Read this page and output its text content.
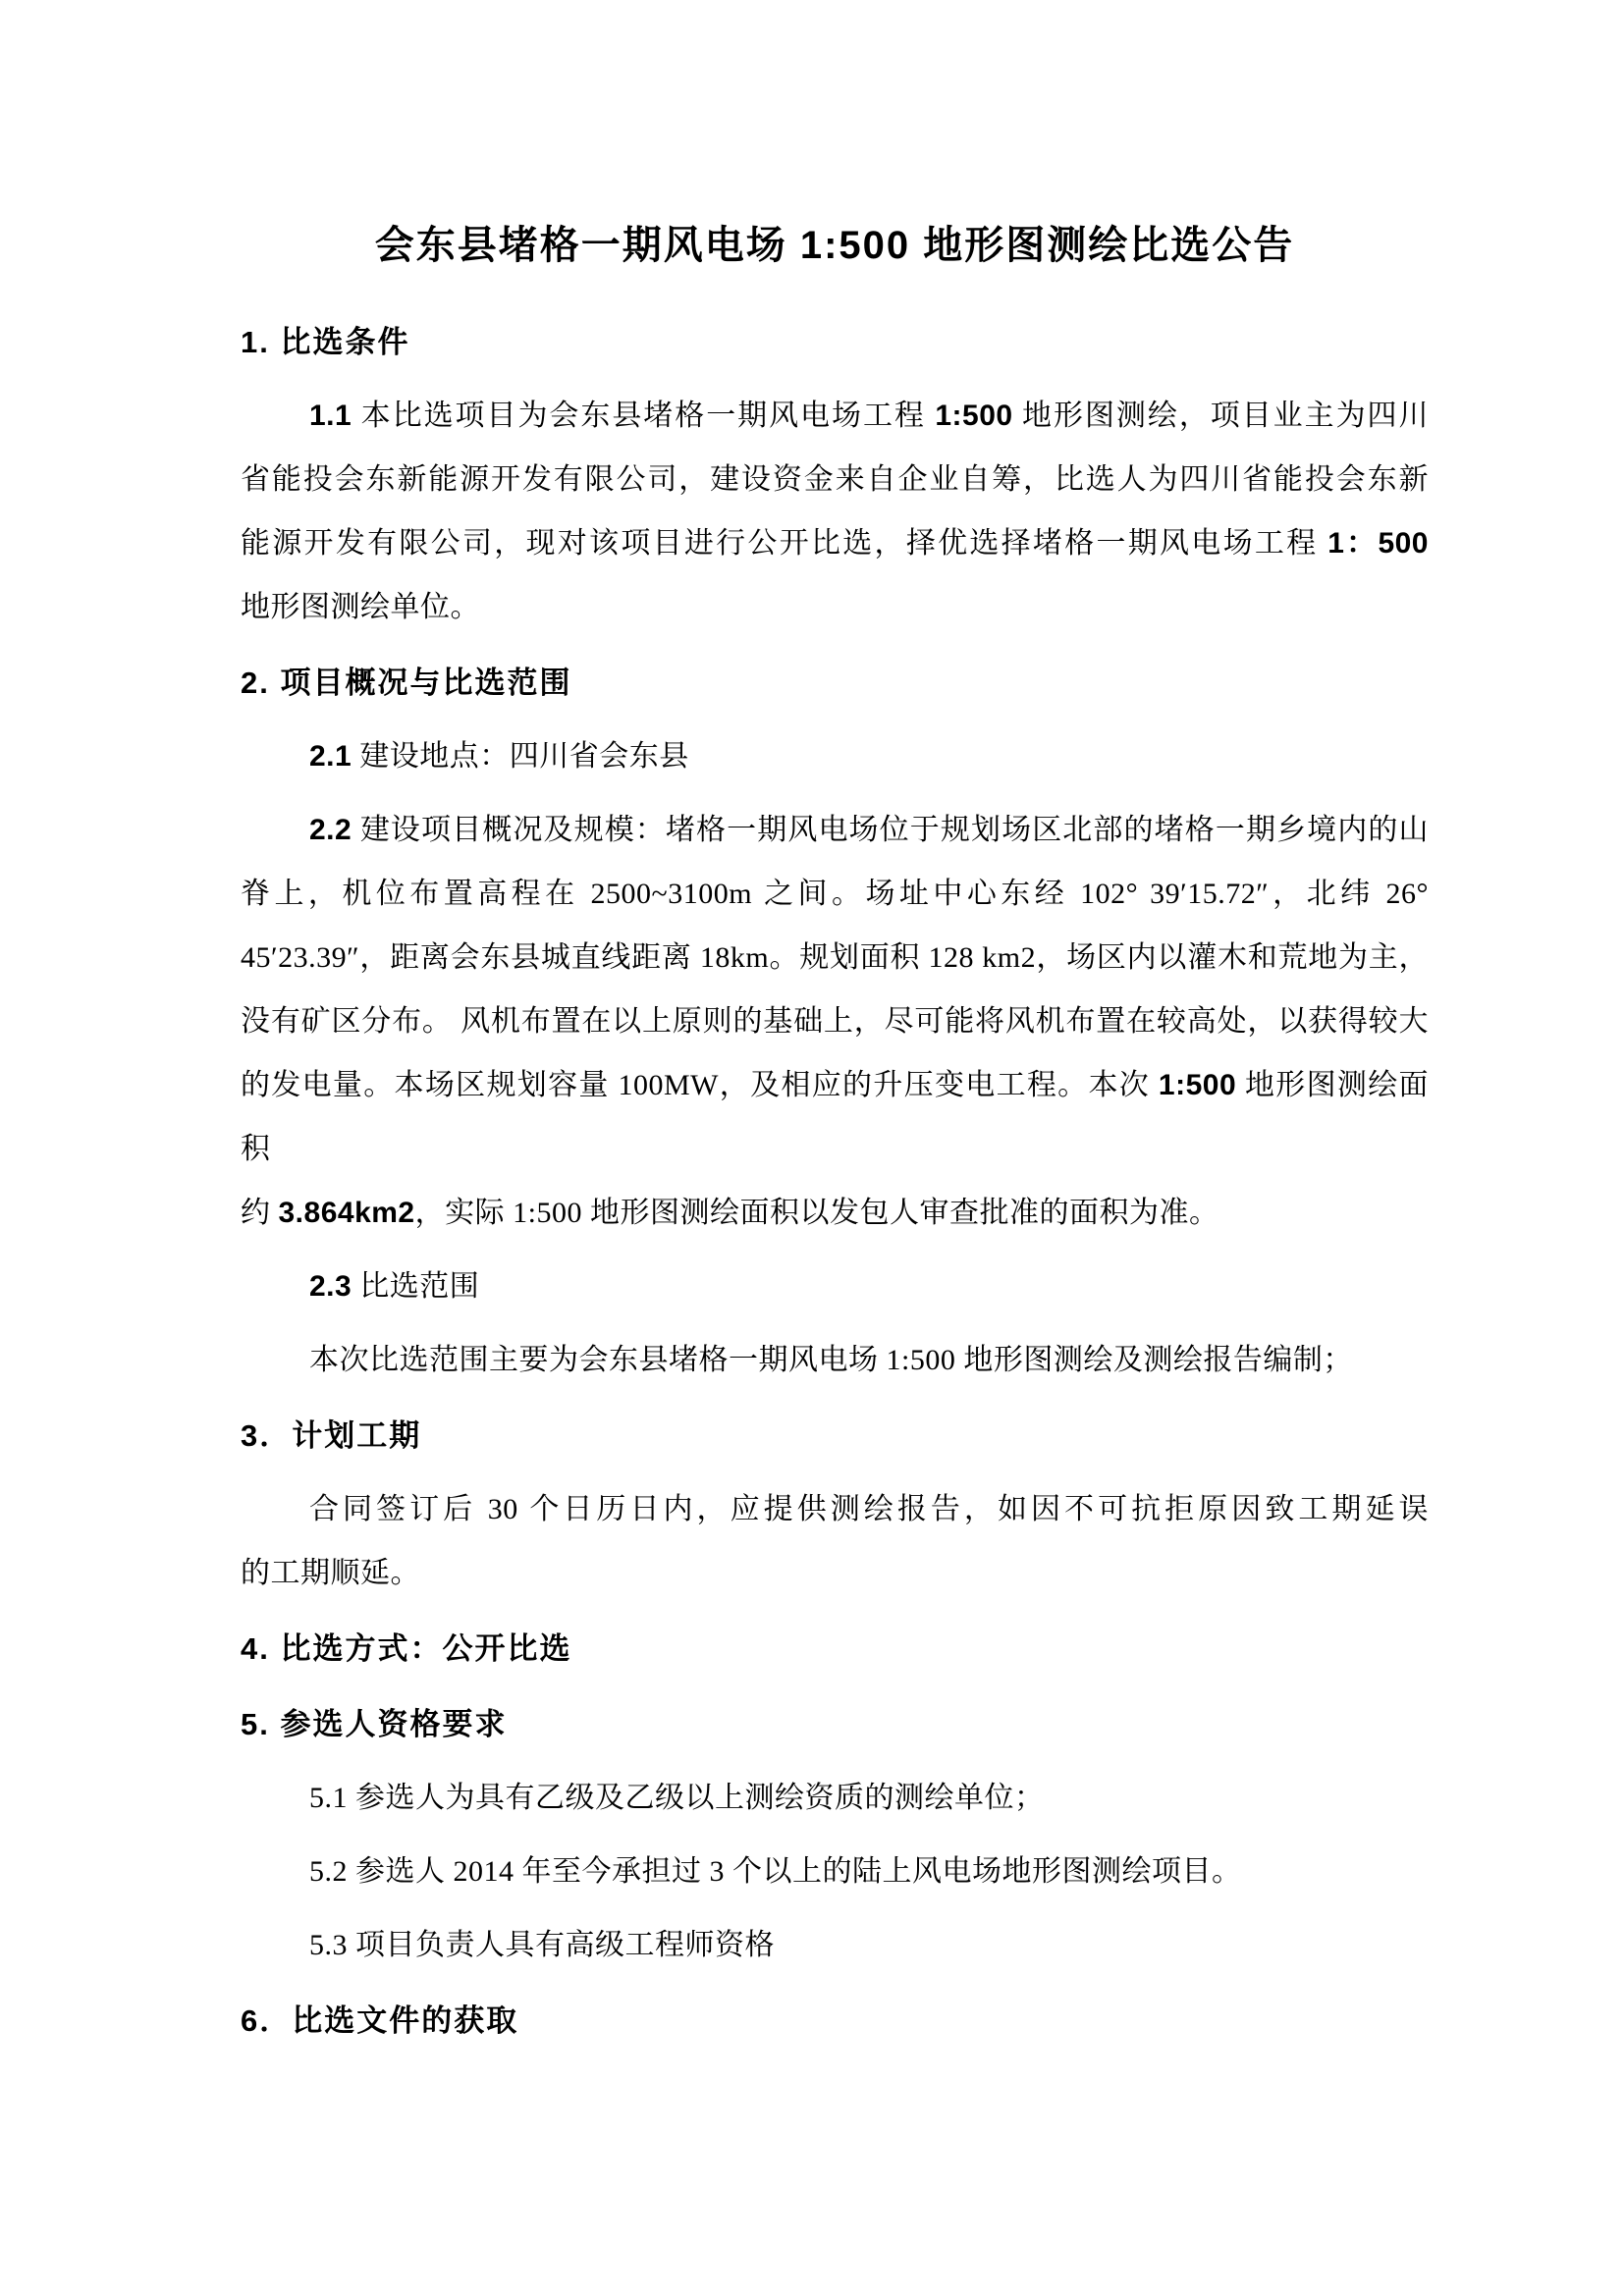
会东县堵格一期风电场 1:500 地形图测绘比选公告

1. 比选条件

1.1 本比选项目为会东县堵格一期风电场工程 1:500 地形图测绘，项目业主为四川

省能投会东新能源开发有限公司，建设资金来自企业自筹，比选人为四川省能投会东新

能源开发有限公司，现对该项目进行公开比选，择优选择堵格一期风电场工程 1：500

地形图测绘单位。

2. 项目概况与比选范围

2.1 建设地点：四川省会东县

2.2 建设项目概况及规模：堵格一期风电场位于规划场区北部的堵格一期乡境内的山

脊上，机位布置高程在 2500~3100m 之间。场址中心东经 102° 39′15.72″，北纬 26°

45′23.39″，距离会东县城直线距离 18km。规划面积 128 km2，场区内以灌木和荒地为主，

没有矿区分布。 风机布置在以上原则的基础上，尽可能将风机布置在较高处，以获得较大

的发电量。本场区规划容量 100MW，及相应的升压变电工程。本次 1:500 地形图测绘面积

约 3.864km2，实际 1:500 地形图测绘面积以发包人审查批准的面积为准。

2.3 比选范围

本次比选范围主要为会东县堵格一期风电场 1:500 地形图测绘及测绘报告编制；

3．计划工期

合同签订后 30 个日历日内，应提供测绘报告，如因不可抗拒原因致工期延误

的工期顺延。

4. 比选方式：公开比选

5. 参选人资格要求

5.1 参选人为具有乙级及乙级以上测绘资质的测绘单位；

5.2 参选人 2014 年至今承担过 3 个以上的陆上风电场地形图测绘项目。

5.3 项目负责人具有高级工程师资格

6．比选文件的获取
